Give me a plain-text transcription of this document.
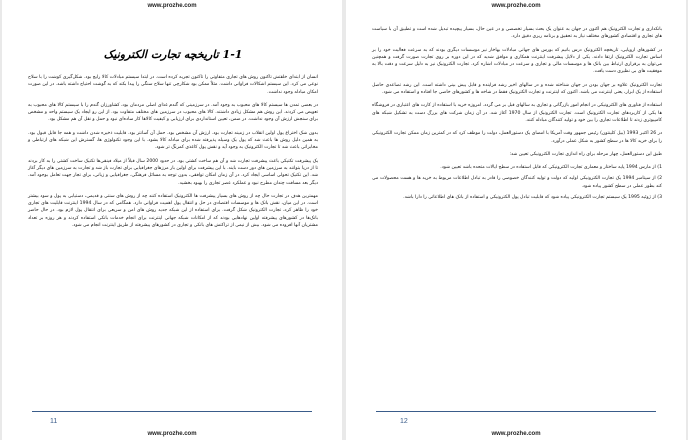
www.prozhe.com
1-1 تاریخچه تجارت الکترونیک

انسان از ابتدای خلقتش تاکنون روش های تجاری متفاوتی را تاکنون تجربه کرده است. در ابتدا سیستم مبادلات کالا رایج بود. شکل‌گیری کوشت را با سلاح نوعی می کرد. این سیستم اشکالات فراوانی داشت. مثلاً ممکن بود شکارچی تنها سلاح سنگی را پیدا بکند که به گوشت احتیاج داشته باشد. در این صورت امکان مبادله وجود نداشت.

در بعضی تمدن ها سیستم کالا های محبوب به وجود آمد. در سرزمینی که گندم غذای اصلی مردمان بود، کشاورزان گندم را با سیستم کالا های محبوب به تعویض می کردند. این روش هم مشکل زیادی داشتند. کالا های محبوب در سرزمین های مختلف متفاوت بود. از این رو ایجاد یک سیستم واحد و مشخص برای سنجش ارزش آن وجود نداشت. در ضمن، تعیین استانداردی برای ارزیابی و کیفیت کالاها کار ساده‌ای نبود و حمل و نقل آن هم مشکل بود.

بدون شک اختراع پول اولین انقلاب در زمینه تجارت بود. ارزش آن مشخص بود. حمل آن آسانتر بود. قابلیت ذخیره شدن داشت و همه جا قابل قبول بود. به همین دلیل روش ها باعث شد که پول یک وسیله پذیرفته شده برای مبادله کالا بشود. با این وجود تکنولوژی ها، گسترش این شبکه های ارتباطی و مخابراتی باعث شد تا تجارت الکترونیک به وجود آید و نقش پول کاغذی کمرنگ تر شود.

یک پیشرفت تکنیکی باعث پیشرفت تجارت شد و آن هم ساخت کشتی بود. در حدود 2000 سال قبلاً از میلاد فینقی‌ها تکنیک ساخت کشتی را به کار بردند تا از دریا بتوانند به سرزمین های دور دست بایند. با این پیشرفت برای اولین بار مرزهای جغرافیایی برای تجارت باز شد و تجارت به سرزمین های دیگر آغاز شد. این تکنیک تحولی اساسی ایجاد کرد. در آن زمان امکان توافقی، بدون توجه به مسائل فرهنگی، جغرافیایی و زبانی، برای تجار جهت تعامل بوجود آمد. دیگر بعد مسافت چندان مطرح نبود و عملکرد عصر تجاری را بهبود بخشید.

مهمترین هدف در تجارت حال چه از روش های بسیار پیشرفت ها الکترونیک استفاده کنند چه از روش های سنتی و قدیمی، دستیابی به پول و سود بیشتر است. در این میان، نقش بانک ها و موسسات اقتصادی در حل و انتقال پول اهمیت فراوانی دارد. همگامی که در سال 1994 اینترنت قابلیت های تجاری خود را ظاهر کرد، تجارت الکترونیک شکل گرفت. برای استفاده از این شبکه جدید روش های امن و سریعی برای انتقال پول لازم بود. در حال حاضر بانک‌ها در کشورهای پیشرفته اولین نهادهایی بودند که از امکانات شبکه جهانی اینترنت برای انجام خدمات بانکی استفاده کردند و هر روزه بر تعداد مشتریان آنها افزوده می شود. بیش از نیمی از تراکنش های بانکی و تجاری در کشورهای پیشرفته از طریق اینترنت انجام می شود.

11
www.prozhe.com
www.prozhe.com

بانکداری و تجارت الکترونیک هم اکنون در جهان به عنوان یک بحث بسیار تخصصی و در عین حال، بسیار پیچیده تبدیل شده است و تطبیق آن با سیاست های تجاری و اقتصادی کشورهای مختلف نیاز به تحقیق و برنامه ریزی دقیق دارد.

در کشورهای اروپایی، تاریخچه الکترونیک درس بانیم که بورس های جهانی مبادلات بهاخار نیز موسسات دیگری بودند که به سرعت فعالیت خود را بر اساس تجارت الکترونیک ارتقا دادند. یکی از دلایل پیشرفت اینترنت همکاری و موافق شدید که در این دوره بر روی تجارت صورت گرفت و همچنین می‌توان به برقراری ارتباط بین بانک ها و موسسات مالی و تجاری و سرعت در مبادلات اشاره کرد. تجارت الکترونیک نیز به دلیل سرعت و دقت بالا به موفقیت های بی نظیری دست یافت.

تجارت الکترونیک علاوه بر جهان بودن در جهان شناخته شده و در سالهای اخیر رشد فزاینده و قابل پیش بینی داشته است. این رشد تصاعدی حاصل استفاده از یک ابزار، یعنی اینترنت می باشد. اکنون که اینترنت و تجارت الکترونیک فقط در شاخه ها و کشورهای خاصی جا افتاده و استفاده می شود.

استفاده از فناوری های الکترونیکی در انجام امور بازرگانی و تجاری به سالهای قبل بر می گردد. امروزه خرید با استفاده از کارت های اعتباری در فروشگاه ها یکی از کاربردهای تجارت الکترونیک است. تجارت الکترونیک از سال 1970 آغاز شد. در آن زمان شرکت های بزرگ دست به تشکیل شبکه های کامپیوتری زدند تا اطلاعات تجاری را بین خود و تولید کنندگان مبادله کنند.

در 26 اکتبر 1993 (بیل کلینتون) رئیس جمهور وقت آمریکا با امضای یک دستورالعمل، دولت را موظف کرد که در کمترین زمان ممکن تجارت الکترونیکی را برای خرید کالا ها در سطح کشور به شکل عملی درآورد.

طبق این دستورالعمل، چهار مرحله برای راه اندازی تجارت الکترونیکی تعیین شد:

1) از مارس 1994 پایه ساختار و معماری تجارت الکترونیکی که قابل استفاده در سطح ایالات متحده باشد تعیین شود.

2) از سپتامبر 1994 یک تجارت الکترونیکی اولیه که دولت و تولید کنندگان خصوصی را قادر به تبادل اطلاعات مربوط به خرید ها و هست محصولات می کند بطور عملی در سطح کشور پیاده شود.

3) از ژوئیه 1995 یک سیستم تجارت الکترونیکی پیاده شود که قابلیت تبادل پول الکترونیکی و استفاده از بانک های اطلاعاتی را دارا باشد.

12
www.prozhe.com
